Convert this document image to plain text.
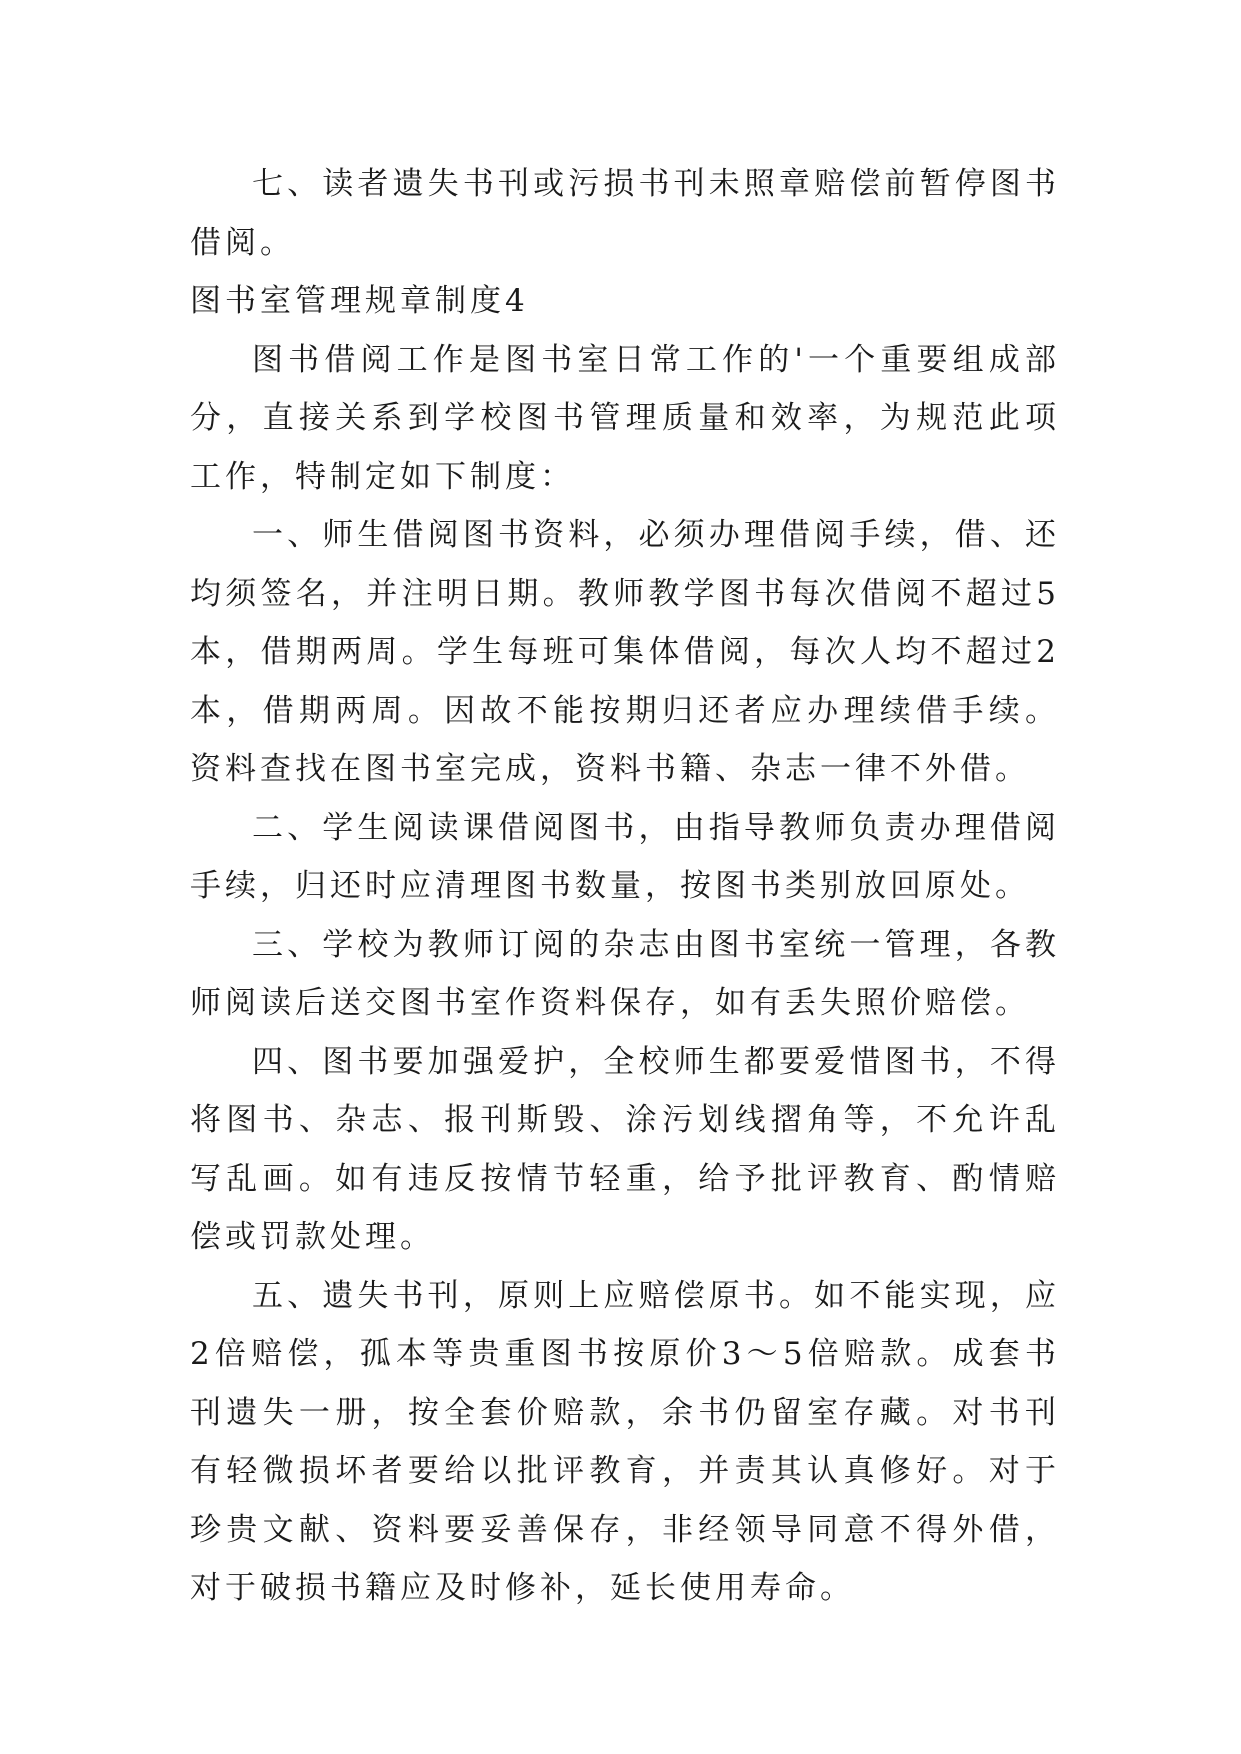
七、读者遗失书刊或污损书刊未照章赔偿前暂停图书借阅。

图书室管理规章制度4

图书借阅工作是图书室日常工作的'一个重要组成部分，直接关系到学校图书管理质量和效率，为规范此项工作，特制定如下制度：

一、师生借阅图书资料，必须办理借阅手续，借、还均须签名，并注明日期。教师教学图书每次借阅不超过5本，借期两周。学生每班可集体借阅，每次人均不超过2本，借期两周。因故不能按期归还者应办理续借手续。资料查找在图书室完成，资料书籍、杂志一律不外借。

二、学生阅读课借阅图书，由指导教师负责办理借阅手续，归还时应清理图书数量，按图书类别放回原处。

三、学校为教师订阅的杂志由图书室统一管理，各教师阅读后送交图书室作资料保存，如有丢失照价赔偿。

四、图书要加强爱护，全校师生都要爱惜图书，不得将图书、杂志、报刊斯毁、涂污划线摺角等，不允许乱写乱画。如有违反按情节轻重，给予批评教育、酌情赔偿或罚款处理。

五、遗失书刊，原则上应赔偿原书。如不能实现，应2倍赔偿，孤本等贵重图书按原价3～5倍赔款。成套书刊遗失一册，按全套价赔款，余书仍留室存藏。对书刊有轻微损坏者要给以批评教育，并责其认真修好。对于珍贵文献、资料要妥善保存，非经领导同意不得外借，对于破损书籍应及时修补，延长使用寿命。
